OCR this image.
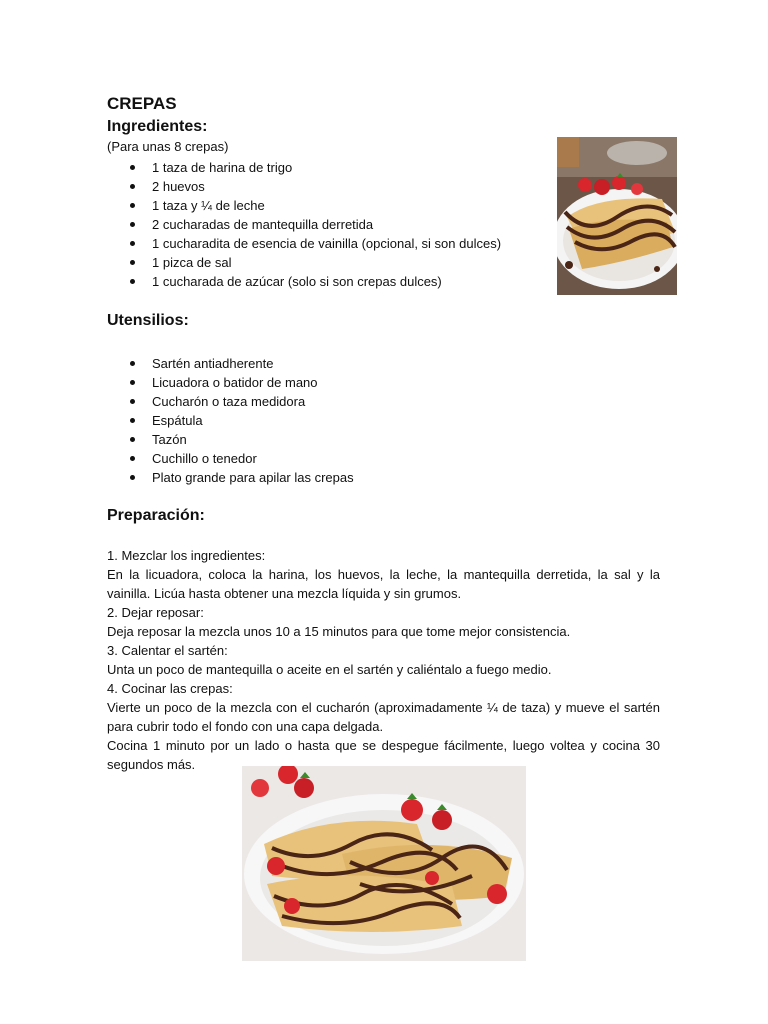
CREPAS
Ingredientes:
(Para unas 8 crepas)
1 taza de harina de trigo
2 huevos
1 taza y ¼ de leche
2 cucharadas de mantequilla derretida
1 cucharadita de esencia de vainilla (opcional, si son dulces)
1 pizca de sal
1 cucharada de azúcar (solo si son crepas dulces)
Utensilios:
Sartén antiadherente
Licuadora o batidor de mano
Cucharón o taza medidora
Espátula
Tazón
Cuchillo o tenedor
Plato grande para apilar las crepas
Preparación:

1. Mezclar los ingredientes:

En la licuadora, coloca la harina, los huevos, la leche, la mantequilla derretida, la sal y la vainilla. Licúa hasta obtener una mezcla líquida y sin grumos.

2. Dejar reposar:

Deja reposar la mezcla unos 10 a 15 minutos para que tome mejor consistencia.

3. Calentar el sartén:

Unta un poco de mantequilla o aceite en el sartén y caliéntalo a fuego medio.

4. Cocinar las crepas:

Vierte un poco de la mezcla con el cucharón (aproximadamente ¼ de taza) y mueve el sartén para cubrir todo el fondo con una capa delgada.

Cocina 1 minuto por un lado o hasta que se despegue fácilmente, luego voltea y cocina 30 segundos más.
